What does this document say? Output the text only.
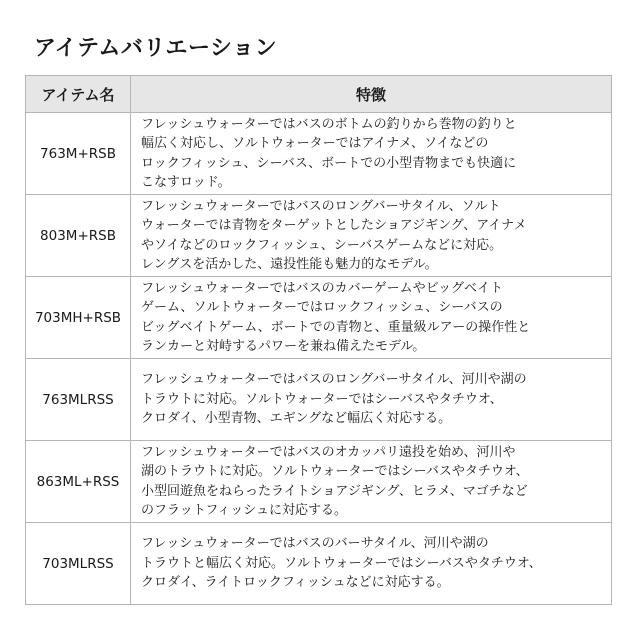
アイテムバリエーション
アイテム名	特徴
763M+RSB	フレッシュウォーターではバスのボトムの釣りから巻物の釣りと
幅広く対応し、ソルトウォーターではアイナメ、ソイなどの
ロックフィッシュ、シーバス、ボートでの小型青物までも快適に
こなすロッド。

803M+RSB	フレッシュウォーターではバスのロングバーサタイル、ソルト
ウォーターでは青物をターゲットとしたショアジギング、アイナメ
やソイなどのロックフィッシュ、シーバスゲームなどに対応。
レングスを活かした、遠投性能も魅力的なモデル。

703MH+RSB	フレッシュウォーターではバスのカバーゲームやビッグベイト
ゲーム、ソルトウォーターではロックフィッシュ、シーバスの
ビッグベイトゲーム、ボートでの青物と、重量級ルアーの操作性と
ランカーと対峙するパワーを兼ね備えたモデル。

763MLRSS	フレッシュウォーターではバスのロングバーサタイル、河川や湖の
トラウトに対応。ソルトウォーターではシーバスやタチウオ、
クロダイ、小型青物、エギングなど幅広く対応する。

863ML+RSS	フレッシュウォーターではバスのオカッパリ遠投を始め、河川や
湖のトラウトに対応。ソルトウォーターではシーバスやタチウオ、
小型回遊魚をねらったライトショアジギング、ヒラメ、マゴチなど
のフラットフィッシュに対応する。

703MLRSS	フレッシュウォーターではバスのバーサタイル、河川や湖の
トラウトと幅広く対応。ソルトウォーターではシーバスやタチウオ、
クロダイ、ライトロックフィッシュなどに対応する。
